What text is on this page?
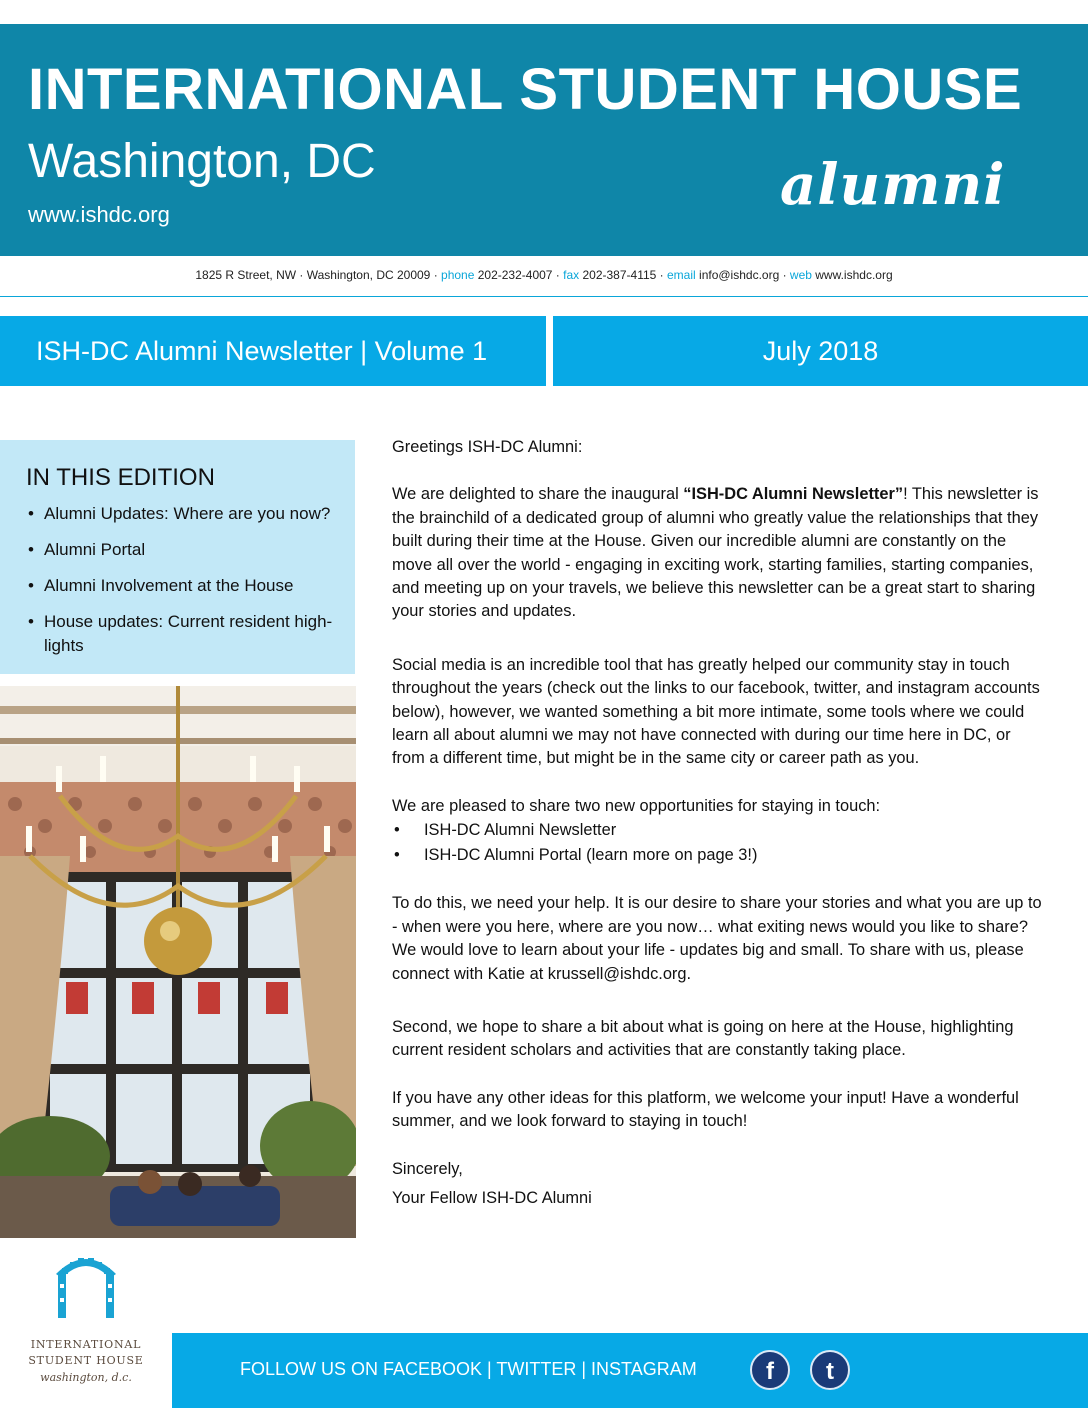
INTERNATIONAL STUDENT HOUSE
Washington, DC
www.ishdc.org	alumni
1825 R Street, NW · Washington, DC 20009 · phone 202-232-4007 · fax 202-387-4115 · email info@ishdc.org · web www.ishdc.org
ISH-DC Alumni Newsletter | Volume 1	July 2018
IN THIS EDITION
• Alumni Updates: Where are you now?
• Alumni Portal
• Alumni Involvement at the House
• House updates: Current resident high-lights

Greetings ISH-DC Alumni:

We are delighted to share the inaugural “ISH-DC Alumni Newsletter”! This newsletter is the brainchild of a dedicated group of alumni who greatly value the relationships that they built during their time at the House. Given our incredible alumni are constantly on the move all over the world - engaging in exciting work, starting families, starting companies, and meeting up on your travels, we believe this newsletter can be a great start to sharing your stories and updates.

Social media is an incredible tool that has greatly helped our community stay in touch throughout the years (check out the links to our facebook, twitter, and instagram accounts below), however, we wanted something a bit more intimate, some tools where we could learn all about alumni we may not have connected with during our time here in DC, or from a different time, but might be in the same city or career path as you.

We are pleased to share two new opportunities for staying in touch:

• ISH-DC Alumni Newsletter
• ISH-DC Alumni Portal (learn more on page 3!)

To do this, we need your help. It is our desire to share your stories and what you are up to - when were you here, where are you now… what exiting news would you like to share? We would love to learn about your life - updates big and small. To share with us, please connect with Katie at krussell@ishdc.org.

Second, we hope to share a bit about what is going on here at the House, highlighting current resident scholars and activities that are constantly taking place.

If you have any other ideas for this platform, we welcome your input! Have a wonderful summer, and we look forward to staying in touch!

Sincerely,

Your Fellow ISH-DC Alumni

INTERNATIONAL
STUDENT HOUSE
washington, d.c.	FOLLOW US ON FACEBOOK | TWITTER | INSTAGRAM	f t
